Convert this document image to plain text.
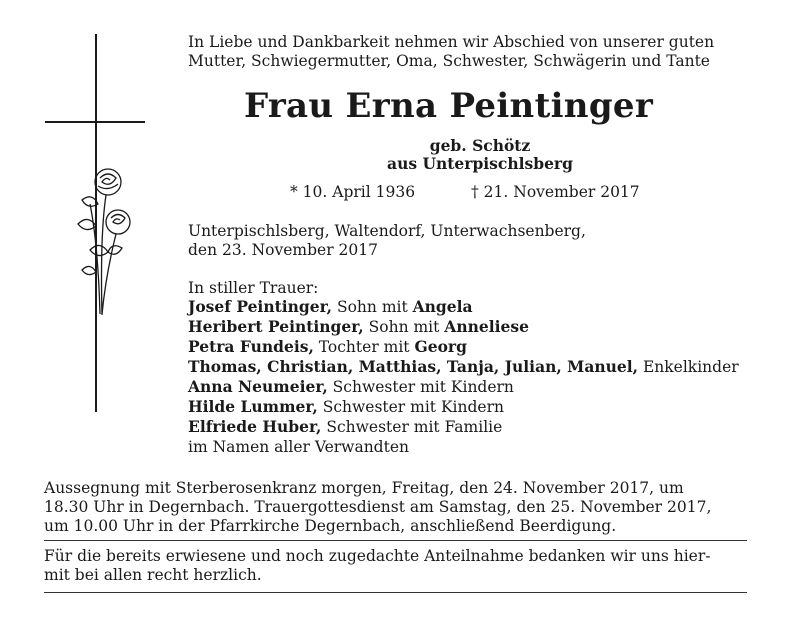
In Liebe und Dankbarkeit nehmen wir Abschied von unserer guten
Mutter, Schwiegermutter, Oma, Schwester, Schwägerin und Tante
Frau Erna Peintinger
geb. Schötz
aus Unterpischlsberg
* 10. April 1936	† 21. November 2017
Unterpischlsberg, Waltendorf, Unterwachsenberg,
den 23. November 2017
In stiller Trauer:
Josef Peintinger, Sohn mit Angela
Heribert Peintinger, Sohn mit Anneliese
Petra Fundeis, Tochter mit Georg
Thomas, Christian, Matthias, Tanja, Julian, Manuel, Enkelkinder
Anna Neumeier, Schwester mit Kindern
Hilde Lummer, Schwester mit Kindern
Elfriede Huber, Schwester mit Familie
im Namen aller Verwandten
Aussegnung mit Sterberosenkranz morgen, Freitag, den 24. November 2017, um
18.30 Uhr in Degernbach. Trauergottesdienst am Samstag, den 25. November 2017,
um 10.00 Uhr in der Pfarrkirche Degernbach, anschließend Beerdigung.
Für die bereits erwiesene und noch zugedachte Anteilnahme bedanken wir uns hier-
mit bei allen recht herzlich.
